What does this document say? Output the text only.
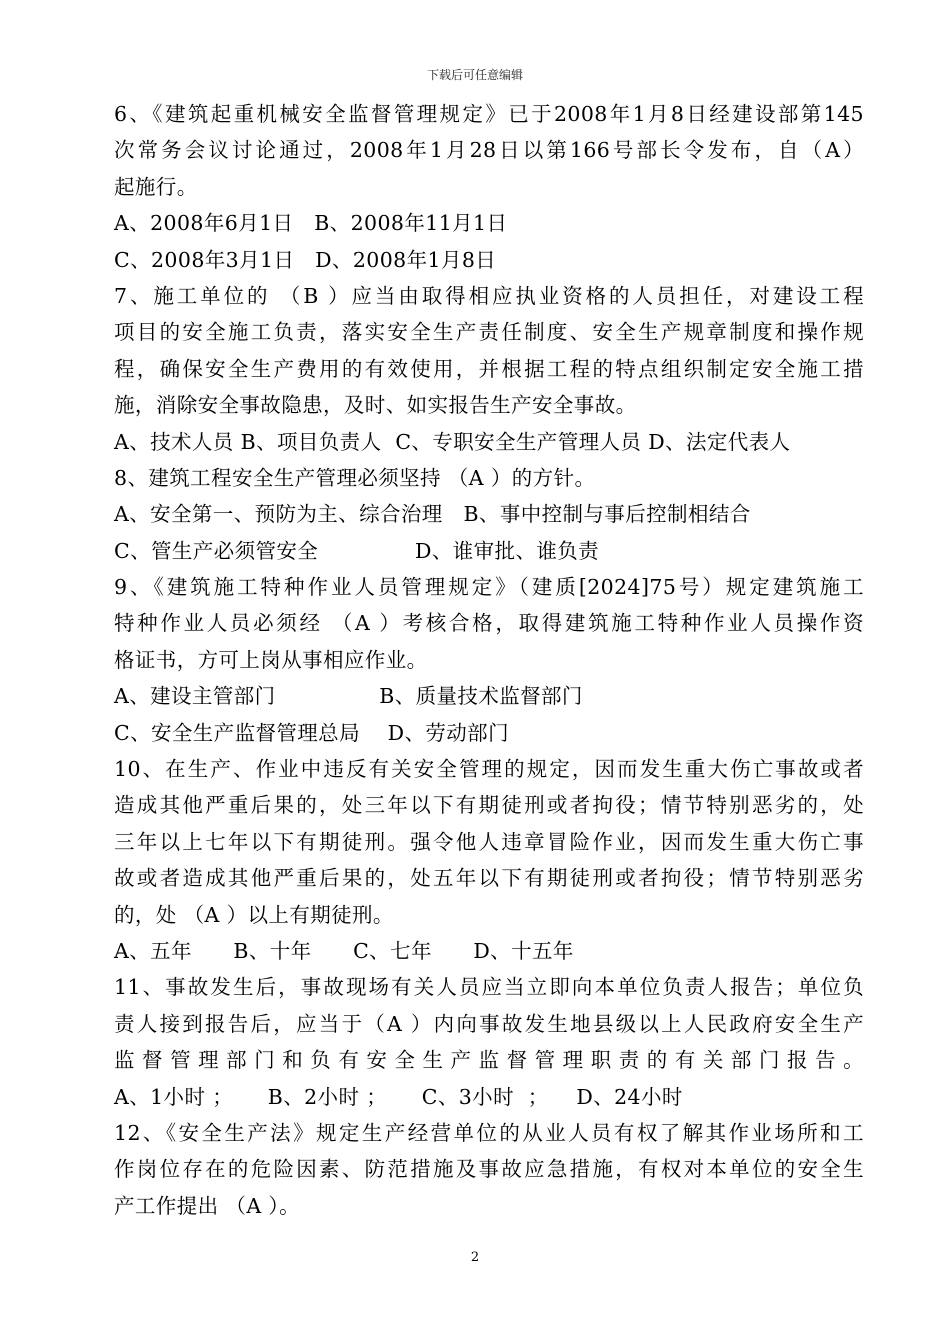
下载后可任意编辑
6、《建筑起重机械安全监督管理规定》已于2008年1月8日经建设部第145
次常务会议讨论通过，2008年1月28日以第166号部长令发布，自（A）
起施行。
A、2008年6月1日   B、2008年11月1日
C、2008年3月1日   D、2008年1月8日
7、施工单位的 （B ）应当由取得相应执业资格的人员担任，对建设工程
项目的安全施工负责，落实安全生产责任制度、安全生产规章制度和操作规
程，确保安全生产费用的有效使用，并根据工程的特点组织制定安全施工措
施，消除安全事故隐患，及时、如实报告生产安全事故。
A、技术人员 B、项目负责人  C、专职安全生产管理人员 D、法定代表人
8、建筑工程安全生产管理必须坚持 （A ）的方针。
A、安全第一、预防为主、综合治理   B、事中控制与事后控制相结合
C、管生产必须管安全              D、谁审批、谁负责
9、《建筑施工特种作业人员管理规定》（建质[2024]75号）规定建筑施工
特种作业人员必须经 （A ）考核合格，取得建筑施工特种作业人员操作资
格证书，方可上岗从事相应作业。
A、建设主管部门               B、质量技术监督部门
C、安全生产监督管理总局    D、劳动部门
10、在生产、作业中违反有关安全管理的规定，因而发生重大伤亡事故或者
造成其他严重后果的，处三年以下有期徒刑或者拘役；情节特别恶劣的，处
三年以上七年以下有期徒刑。强令他人违章冒险作业，因而发生重大伤亡事
故或者造成其他严重后果的，处五年以下有期徒刑或者拘役；情节特别恶劣
的，处 （A ）以上有期徒刑。
A、五年      B、十年      C、七年      D、十五年
11、事故发生后，事故现场有关人员应当立即向本单位负责人报告；单位负
责人接到报告后，应当于（A ）内向事故发生地县级以上人民政府安全生产
监督管理部门和负有安全生产监督管理职责的有关部门报告。
A、1小时 ；     B、2小时 ；     C、3小时  ；    D、24小时
12、《安全生产法》规定生产经营单位的从业人员有权了解其作业场所和工
作岗位存在的危险因素、防范措施及事故应急措施，有权对本单位的安全生
产工作提出 （A ）。
2
